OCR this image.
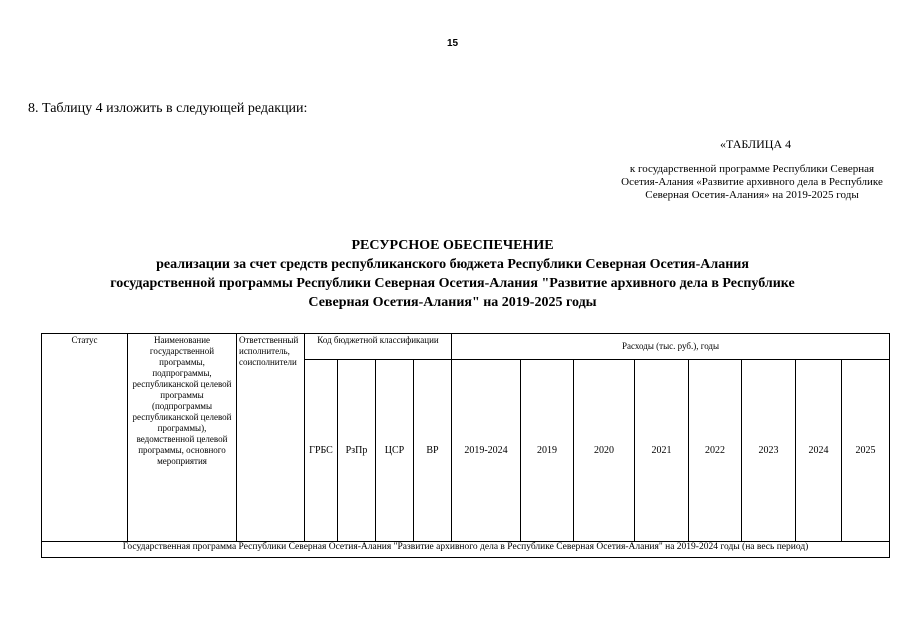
15
8. Таблицу 4 изложить в следующей редакции:
«ТАБЛИЦА 4
к государственной программе Республики Северная Осетия-Алания «Развитие архивного дела в Республике Северная Осетия-Алания» на 2019-2025 годы
РЕСУРСНОЕ ОБЕСПЕЧЕНИЕ
реализации за счет средств республиканского бюджета Республики Северная Осетия-Алания
государственной программы Республики Северная Осетия-Алания "Развитие архивного дела в Республике
Северная Осетия-Алания" на 2019-2025 годы
Статус	Наименование государственной программы, подпрограммы, республиканской целевой программы (подпрограммы республиканской целевой программы), ведомственной целевой программы, основного мероприятия	Ответственный исполнитель, соисполнители	Код бюджетной классификации				Расходы (тыс. руб.), годы							

			ГРБС	РзПр	ЦСР	ВР	2019-2024	2019	2020	2021	2022	2023	2024	2025
Государственная программа Республики Северная Осетия-Алания "Развитие архивного дела в Республике Северная Осетия-Алания" на 2019-2024 годы (на весь период)														
